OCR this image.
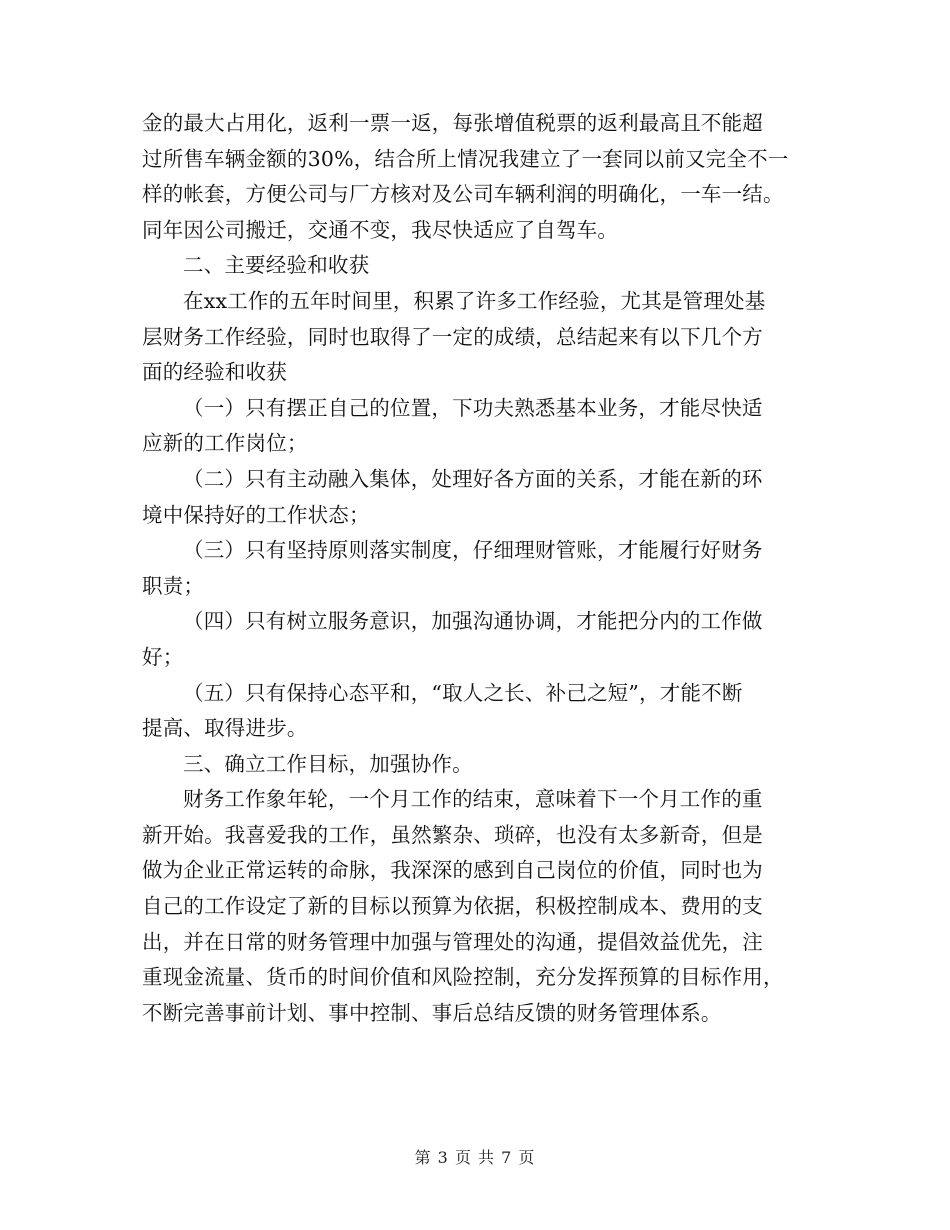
金的最大占用化，返利一票一返，每张增值税票的返利最高且不能超
过所售车辆金额的30%，结合所上情况我建立了一套同以前又完全不一
样的帐套，方便公司与厂方核对及公司车辆利润的明确化，一车一结。
同年因公司搬迁，交通不变，我尽快适应了自驾车。
二、主要经验和收获
在xx工作的五年时间里，积累了许多工作经验，尤其是管理处基
层财务工作经验，同时也取得了一定的成绩，总结起来有以下几个方
面的经验和收获
（一）只有摆正自己的位置，下功夫熟悉基本业务，才能尽快适
应新的工作岗位；
（二）只有主动融入集体，处理好各方面的关系，才能在新的环
境中保持好的工作状态；
（三）只有坚持原则落实制度，仔细理财管账，才能履行好财务
职责；
（四）只有树立服务意识，加强沟通协调，才能把分内的工作做
好；
（五）只有保持心态平和，“取人之长、补己之短”，才能不断
提高、取得进步。
三、确立工作目标，加强协作。
财务工作象年轮，一个月工作的结束，意味着下一个月工作的重
新开始。我喜爱我的工作，虽然繁杂、琐碎，也没有太多新奇，但是
做为企业正常运转的命脉，我深深的感到自己岗位的价值，同时也为
自己的工作设定了新的目标以预算为依据，积极控制成本、费用的支
出，并在日常的财务管理中加强与管理处的沟通，提倡效益优先，注
重现金流量、货币的时间价值和风险控制，充分发挥预算的目标作用，
不断完善事前计划、事中控制、事后总结反馈的财务管理体系。
第 3 页 共 7 页
